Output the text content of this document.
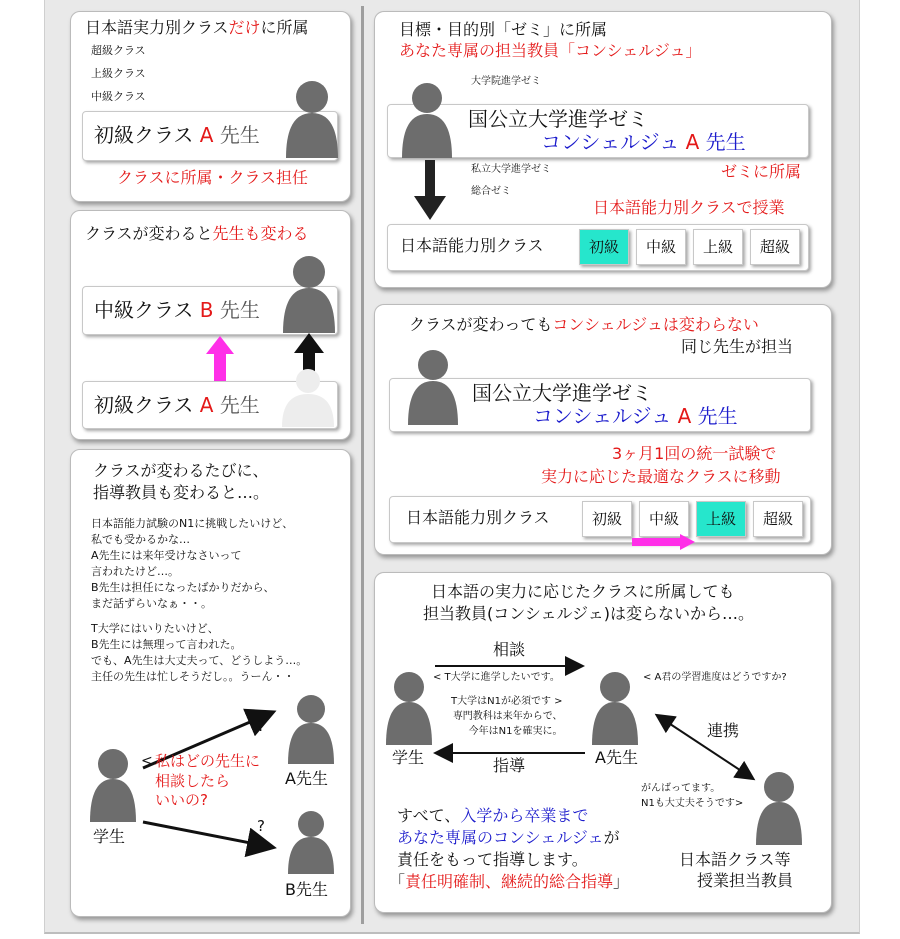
日本語実力別クラスだけに所属
超級クラス
上級クラス
中級クラス
初級クラス A 先生
クラスに所属・クラス担任
クラスが変わると先生も変わる
中級クラス B 先生
初級クラス A 先生
クラスが変わるたびに、
指導教員も変わると…。
日本語能力試験のN1に挑戦したいけど、
私でも受かるかな…
A先生には来年受けなさいって
言われたけど…。
B先生は担任になったばかりだから、
まだ話ずらいなぁ・・。
T大学にはいりたいけど、
B先生には無理って言われた。
でも、A先生は大丈夫って、どうしよう…。
主任の先生は忙しそうだし。。うーん・・
学生
< 私はどの先生に
相談したら
いいの?
?
?
A先生
B先生
目標・目的別「ゼミ」に所属
あなた専属の担当教員「コンシェルジュ」
大学院進学ゼミ
国公立大学進学ゼミ
コンシェルジュ A 先生
私立大学進学ゼミ
総合ゼミ
ゼミに所属
日本語能力別クラスで授業
日本語能力別クラス	初級	中級	上級	超級
クラスが変わってもコンシェルジュは変わらない
同じ先生が担当
国公立大学進学ゼミ
コンシェルジュ A 先生
3ヶ月1回の統一試験で
実力に応じた最適なクラスに移動
日本語能力別クラス	初級	中級	上級	超級
日本語の実力に応じたクラスに所属しても
担当教員(コンシェルジェ)は変らないから…。
相談
指導
連携
< T大学に進学したいです。
T大学はN1が必須です >
専門教科は来年からで、
今年はN1を確実に。
< A君の学習進度はどうですか?
がんばってます。
N1も大丈夫そうです>
学生	A先生
日本語クラス等
授業担当教員
すべて、入学から卒業まで
あなた専属のコンシェルジェが
責任をもって指導します。
「責任明確制、継続的総合指導」
